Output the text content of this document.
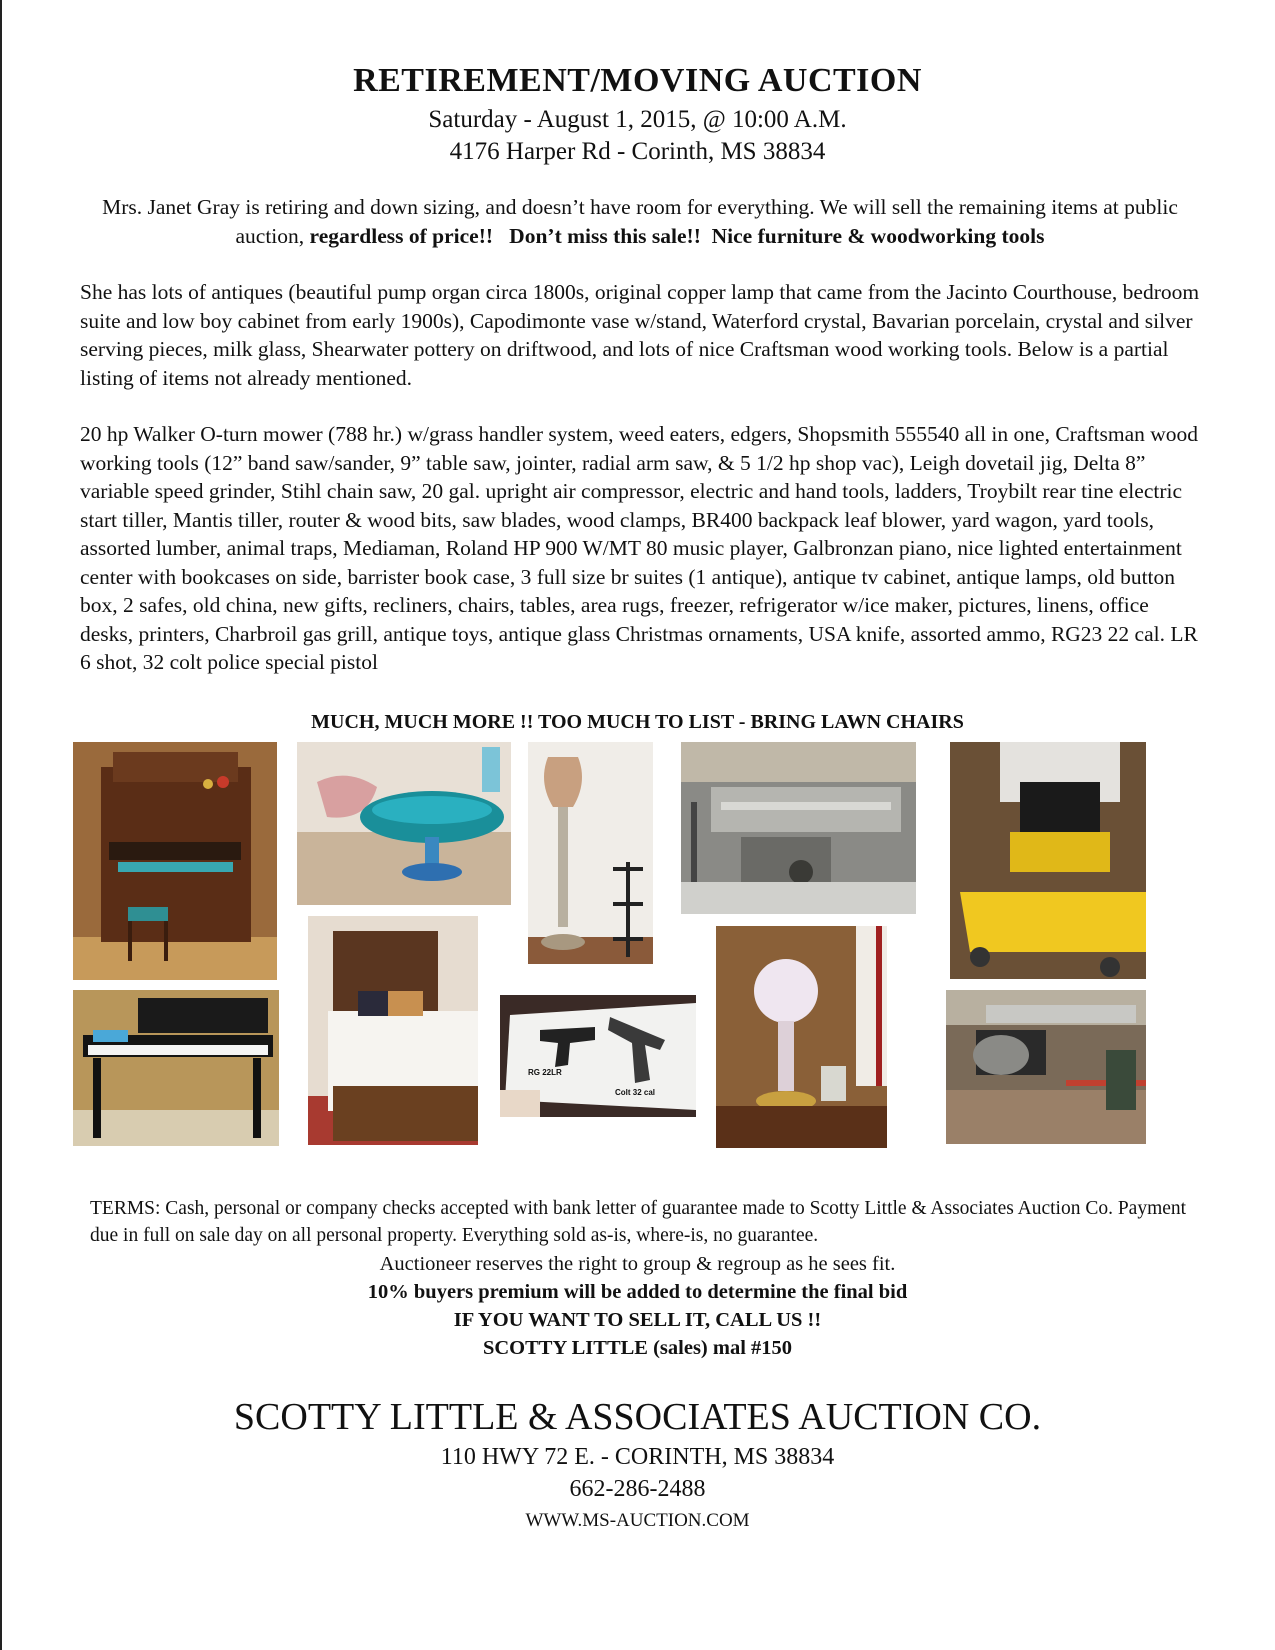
RETIREMENT/MOVING AUCTION
Saturday - August 1, 2015, @ 10:00 A.M.
4176 Harper Rd - Corinth, MS 38834
Mrs. Janet Gray is retiring and down sizing, and doesn’t have room for everything. We will sell the remaining items at public auction, regardless of price!! Don’t miss this sale!! Nice furniture & woodworking tools
She has lots of antiques (beautiful pump organ circa 1800s, original copper lamp that came from the Jacinto Courthouse, bedroom suite and low boy cabinet from early 1900s), Capodimonte vase w/stand, Waterford crystal, Bavarian porcelain, crystal and silver serving pieces, milk glass, Shearwater pottery on driftwood, and lots of nice Craftsman wood working tools. Below is a partial listing of items not already mentioned.
20 hp Walker O-turn mower (788 hr.) w/grass handler system, weed eaters, edgers, Shopsmith 555540 all in one, Craftsman wood working tools (12” band saw/sander, 9” table saw, jointer, radial arm saw, & 5 1/2 hp shop vac), Leigh dovetail jig, Delta 8” variable speed grinder, Stihl chain saw, 20 gal. upright air compressor, electric and hand tools, ladders, Troybilt rear tine electric start tiller, Mantis tiller, router & wood bits, saw blades, wood clamps, BR400 backpack leaf blower, yard wagon, yard tools, assorted lumber, animal traps, Mediaman, Roland HP 900 W/MT 80 music player, Galbronzan piano, nice lighted entertainment center with bookcases on side, barrister book case, 3 full size br suites (1 antique), antique tv cabinet, antique lamps, old button box, 2 safes, old china, new gifts, recliners, chairs, tables, area rugs, freezer, refrigerator w/ice maker, pictures, linens, office desks, printers, Charbroil gas grill, antique toys, antique glass Christmas ornaments, USA knife, assorted ammo, RG23 22 cal. LR 6 shot, 32 colt police special pistol
MUCH, MUCH MORE !! TOO MUCH TO LIST - BRING LAWN CHAIRS
RG 22LR
Colt 32 cal
TERMS: Cash, personal or company checks accepted with bank letter of guarantee made to Scotty Little & Associates Auction Co. Payment due in full on sale day on all personal property. Everything sold as-is, where-is, no guarantee.
Auctioneer reserves the right to group & regroup as he sees fit.
10% buyers premium will be added to determine the final bid
IF YOU WANT TO SELL IT, CALL US !!
SCOTTY LITTLE (sales) mal #150
SCOTTY LITTLE & ASSOCIATES AUCTION CO.
110 HWY 72 E. - CORINTH, MS 38834
662-286-2488
WWW.MS-AUCTION.COM
